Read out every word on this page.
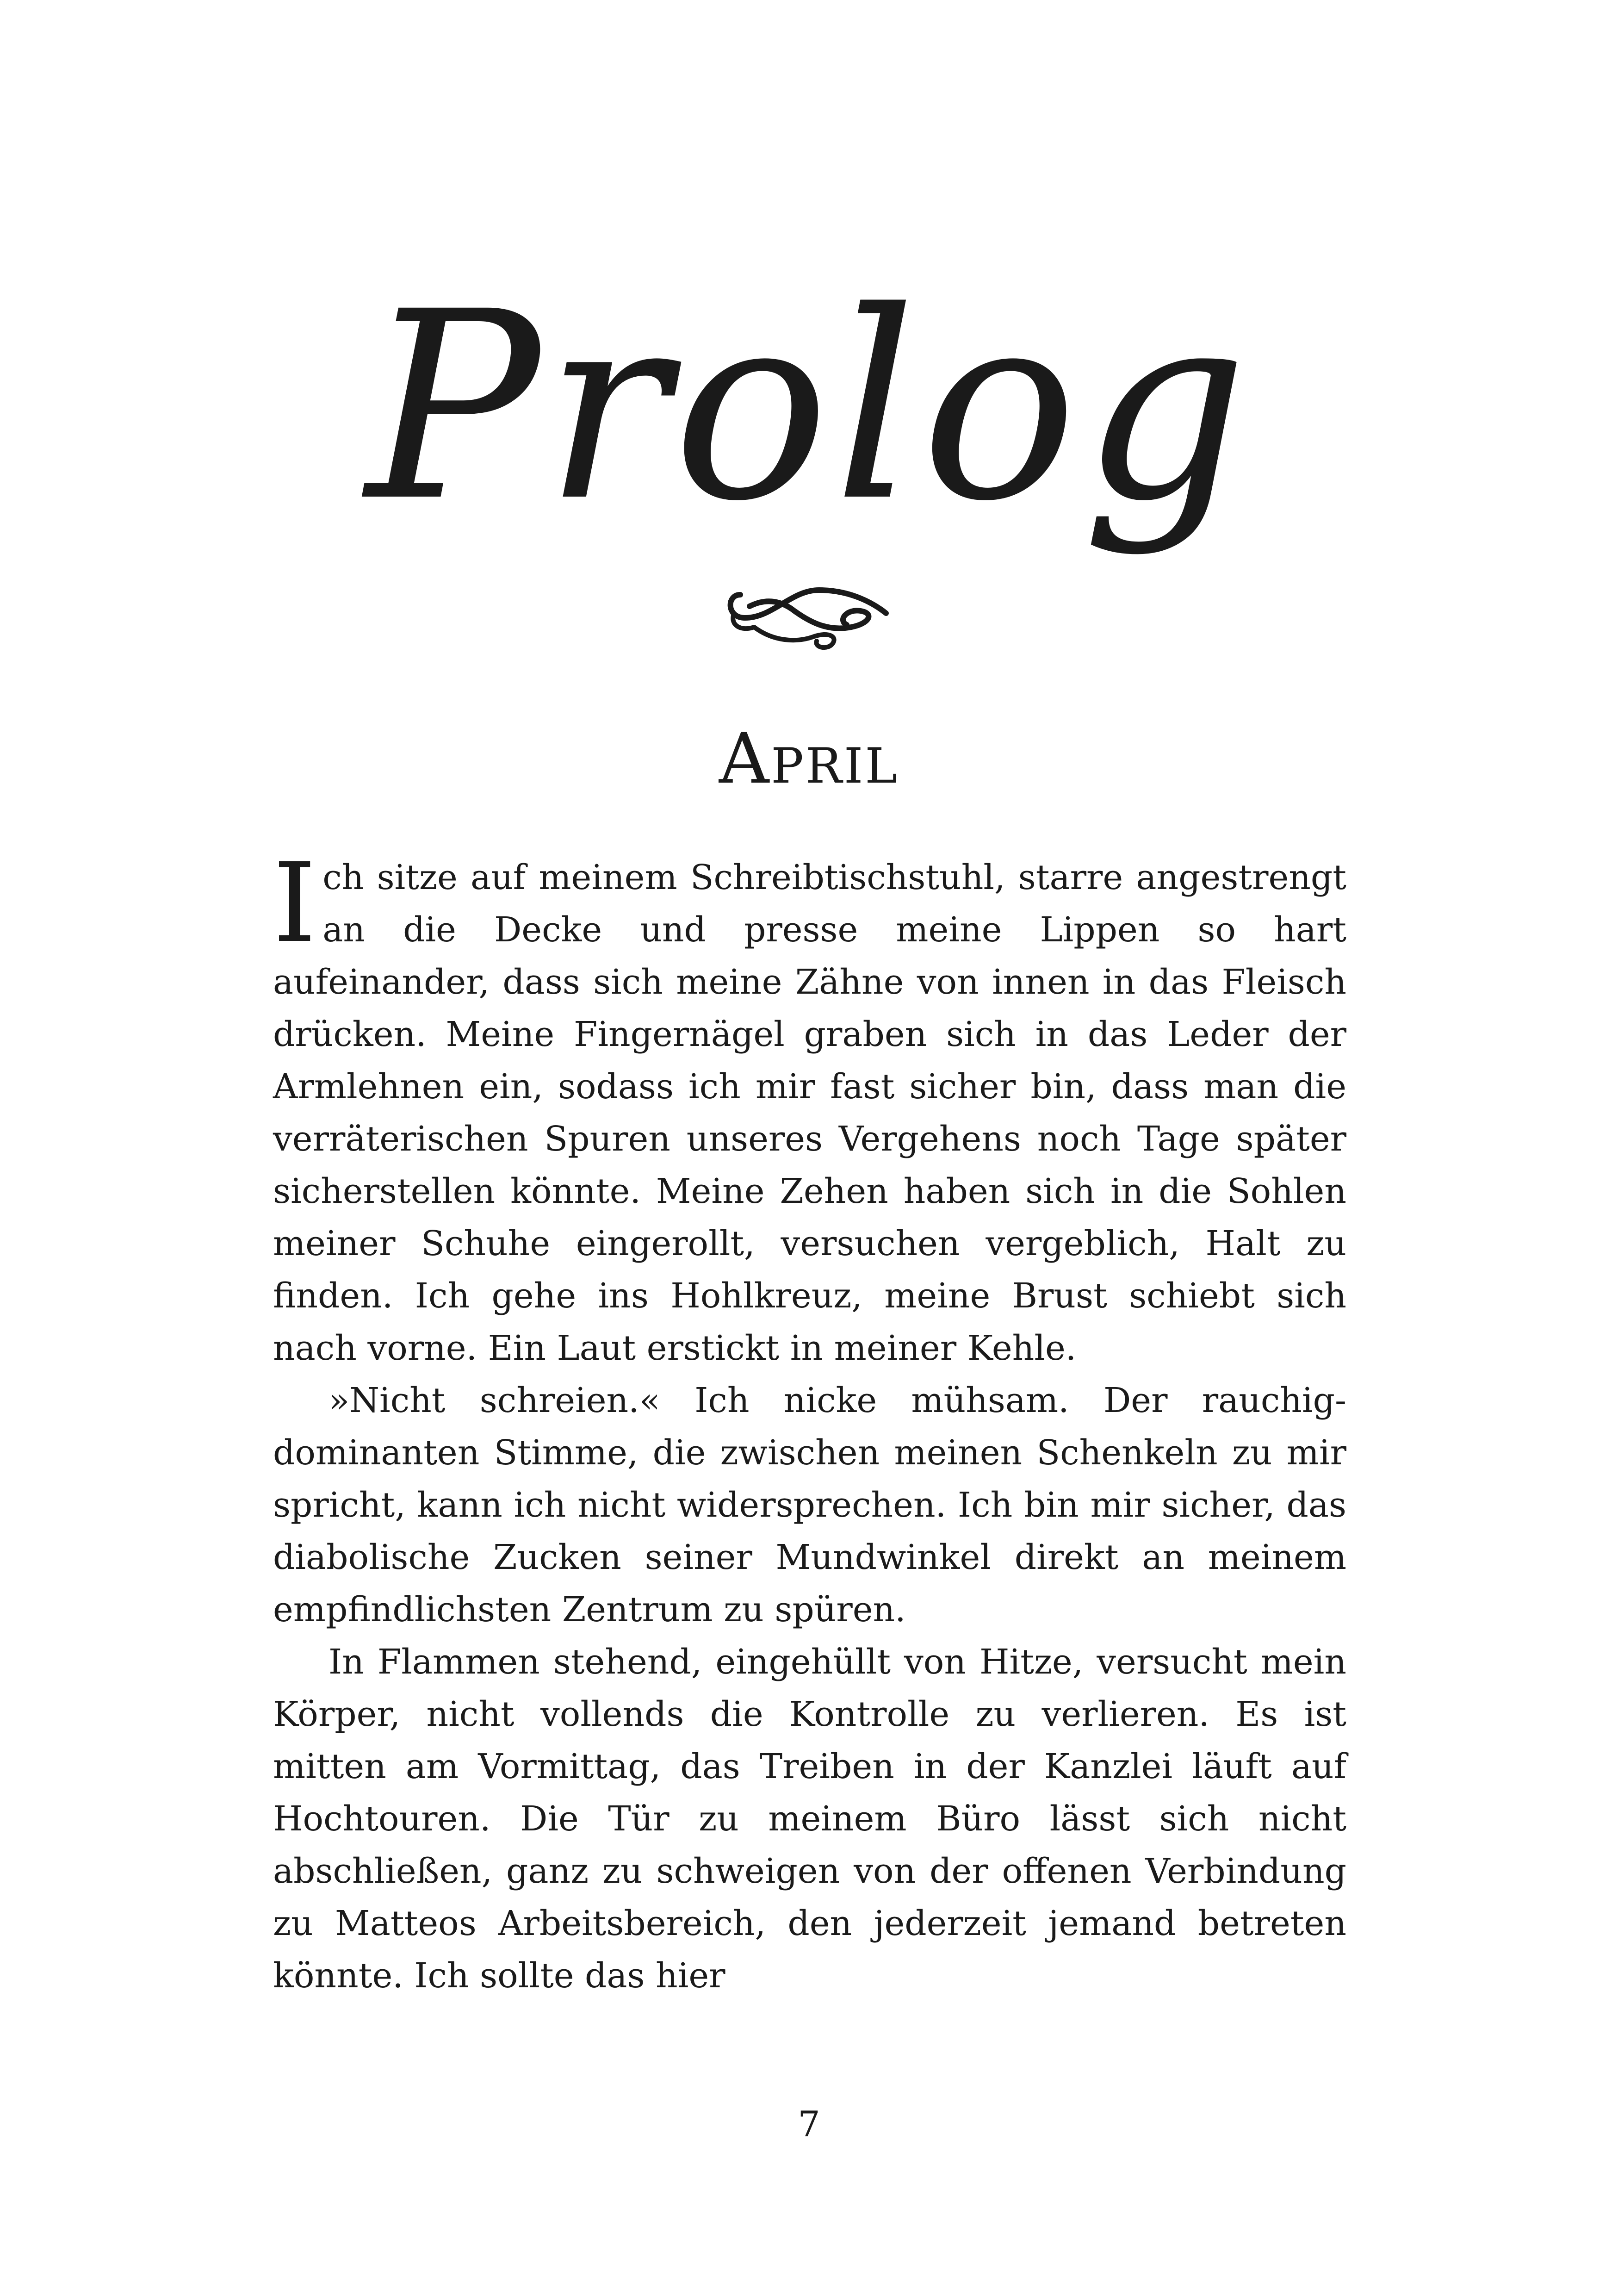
Prolog
April

Ich sitze auf meinem Schreibtischstuhl, starre angestrengt an die Decke und presse meine Lippen so hart aufeinander, dass sich meine Zähne von innen in das Fleisch drücken. Meine Fingernägel graben sich in das Leder der Armlehnen ein, sodass ich mir fast sicher bin, dass man die verräterischen Spuren unseres Vergehens noch Tage später sicherstellen könnte. Meine Zehen haben sich in die Sohlen meiner Schuhe eingerollt, versuchen vergeblich, Halt zu finden. Ich gehe ins Hohlkreuz, meine Brust schiebt sich nach vorne. Ein Laut erstickt in meiner Kehle.

»Nicht schreien.« Ich nicke mühsam. Der rauchig-dominanten Stimme, die zwischen meinen Schenkeln zu mir spricht, kann ich nicht widersprechen. Ich bin mir sicher, das diabolische Zucken seiner Mundwinkel direkt an meinem empfindlichsten Zentrum zu spüren.

In Flammen stehend, eingehüllt von Hitze, versucht mein Körper, nicht vollends die Kontrolle zu verlieren. Es ist mitten am Vormittag, das Treiben in der Kanzlei läuft auf Hochtouren. Die Tür zu meinem Büro lässt sich nicht abschließen, ganz zu schweigen von der offenen Verbindung zu Matteos Arbeitsbereich, den jederzeit jemand betreten könnte. Ich sollte das hier

7
